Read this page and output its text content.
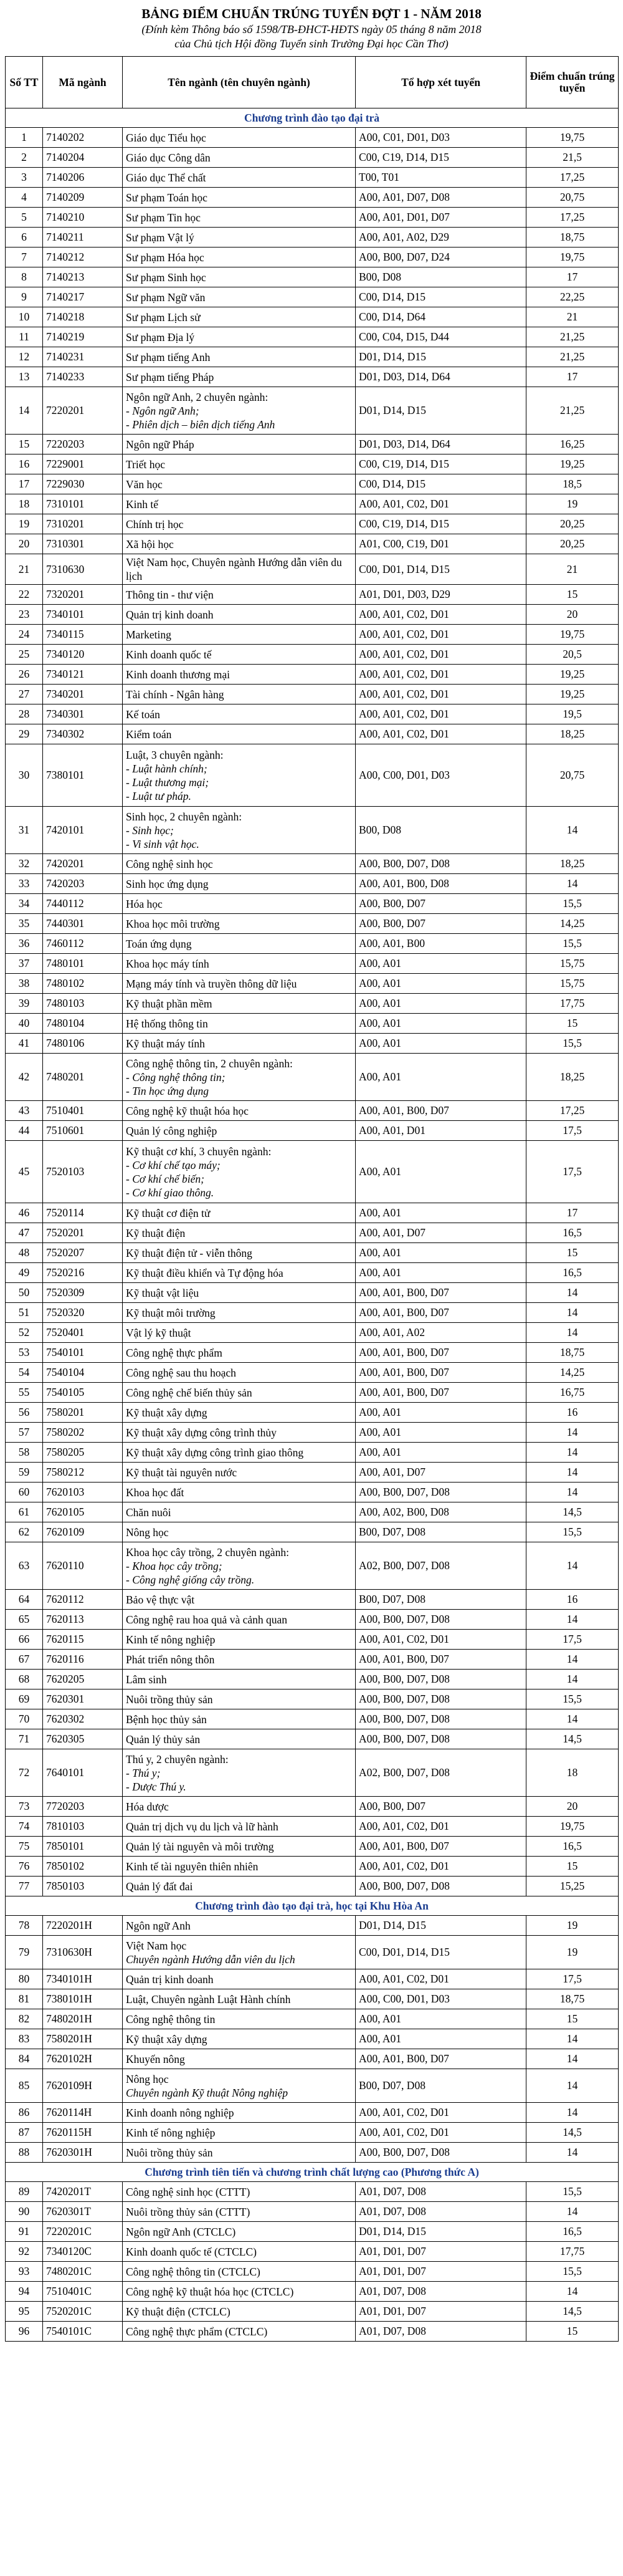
BẢNG ĐIỂM CHUẨN TRÚNG TUYỂN ĐỢT 1 - NĂM 2018

(Đính kèm Thông báo số 1598/TB-ĐHCT-HĐTS ngày 05 tháng 8 năm 2018

của Chủ tịch Hội đồng Tuyển sinh Trường Đại học Cần Thơ)

Số TT	Mã ngành	Tên ngành (tên chuyên ngành)	Tổ hợp xét tuyển	Điểm chuẩn trúng tuyển
Chương trình đào tạo đại trà				
1	7140202	Giáo dục Tiểu học	A00, C01, D01, D03	19,75
2	7140204	Giáo dục Công dân	C00, C19, D14, D15	21,5
3	7140206	Giáo dục Thể chất	T00, T01	17,25
4	7140209	Sư phạm Toán học	A00, A01, D07, D08	20,75
5	7140210	Sư phạm Tin học	A00, A01, D01, D07	17,25
6	7140211	Sư phạm Vật lý	A00, A01, A02, D29	18,75
7	7140212	Sư phạm Hóa học	A00, B00, D07, D24	19,75
8	7140213	Sư phạm Sinh học	B00, D08	17
9	7140217	Sư phạm Ngữ văn	C00, D14, D15	22,25
10	7140218	Sư phạm Lịch sử	C00, D14, D64	21
11	7140219	Sư phạm Địa lý	C00, C04, D15, D44	21,25
12	7140231	Sư phạm tiếng Anh	D01, D14, D15	21,25
13	7140233	Sư phạm tiếng Pháp	D01, D03, D14, D64	17
14	7220201	Ngôn ngữ Anh, 2 chuyên ngành:
- Ngôn ngữ Anh;
- Phiên dịch – biên dịch tiếng Anh	D01, D14, D15	21,25
15	7220203	Ngôn ngữ Pháp	D01, D03, D14, D64	16,25
16	7229001	Triết học	C00, C19, D14, D15	19,25
17	7229030	Văn học	C00, D14, D15	18,5
18	7310101	Kinh tế	A00, A01, C02, D01	19
19	7310201	Chính trị học	C00, C19, D14, D15	20,25
20	7310301	Xã hội học	A01, C00, C19, D01	20,25
21	7310630	Việt Nam học, Chuyên ngành Hướng dẫn viên du lịch	C00, D01, D14, D15	21
22	7320201	Thông tin - thư viện	A01, D01, D03, D29	15
23	7340101	Quản trị kinh doanh	A00, A01, C02, D01	20
24	7340115	Marketing	A00, A01, C02, D01	19,75
25	7340120	Kinh doanh quốc tế	A00, A01, C02, D01	20,5
26	7340121	Kinh doanh thương mại	A00, A01, C02, D01	19,25
27	7340201	Tài chính - Ngân hàng	A00, A01, C02, D01	19,25
28	7340301	Kế toán	A00, A01, C02, D01	19,5
29	7340302	Kiểm toán	A00, A01, C02, D01	18,25
30	7380101	Luật, 3 chuyên ngành:
- Luật hành chính;
- Luật thương mại;
- Luật tư pháp.	A00, C00, D01, D03	20,75
31	7420101	Sinh học, 2 chuyên ngành:
- Sinh học;
- Vi sinh vật học.	B00, D08	14
32	7420201	Công nghệ sinh học	A00, B00, D07, D08	18,25
33	7420203	Sinh học ứng dụng	A00, A01, B00, D08	14
34	7440112	Hóa học	A00, B00, D07	15,5
35	7440301	Khoa học môi trường	A00, B00, D07	14,25
36	7460112	Toán ứng dụng	A00, A01, B00	15,5
37	7480101	Khoa học máy tính	A00, A01	15,75
38	7480102	Mạng máy tính và truyền thông dữ liệu	A00, A01	15,75
39	7480103	Kỹ thuật phần mềm	A00, A01	17,75
40	7480104	Hệ thống thông tin	A00, A01	15
41	7480106	Kỹ thuật máy tính	A00, A01	15,5
42	7480201	Công nghệ thông tin, 2 chuyên ngành:
- Công nghệ thông tin;
- Tin học ứng dụng	A00, A01	18,25
43	7510401	Công nghệ kỹ thuật hóa học	A00, A01, B00, D07	17,25
44	7510601	Quản lý công nghiệp	A00, A01, D01	17,5
45	7520103	Kỹ thuật cơ khí, 3 chuyên ngành:
- Cơ khí chế tạo máy;
- Cơ khí chế biến;
- Cơ khí giao thông.	A00, A01	17,5
46	7520114	Kỹ thuật cơ điện tử	A00, A01	17
47	7520201	Kỹ thuật điện	A00, A01, D07	16,5
48	7520207	Kỹ thuật điện tử - viễn thông	A00, A01	15
49	7520216	Kỹ thuật điều khiển và Tự động hóa	A00, A01	16,5
50	7520309	Kỹ thuật vật liệu	A00, A01, B00, D07	14
51	7520320	Kỹ thuật môi trường	A00, A01, B00, D07	14
52	7520401	Vật lý kỹ thuật	A00, A01, A02	14
53	7540101	Công nghệ thực phẩm	A00, A01, B00, D07	18,75
54	7540104	Công nghệ sau thu hoạch	A00, A01, B00, D07	14,25
55	7540105	Công nghệ chế biến thủy sản	A00, A01, B00, D07	16,75
56	7580201	Kỹ thuật xây dựng	A00, A01	16
57	7580202	Kỹ thuật xây dựng công trình thủy	A00, A01	14
58	7580205	Kỹ thuật xây dựng công trình giao thông	A00, A01	14
59	7580212	Kỹ thuật tài nguyên nước	A00, A01, D07	14
60	7620103	Khoa học đất	A00, B00, D07, D08	14
61	7620105	Chăn nuôi	A00, A02, B00, D08	14,5
62	7620109	Nông học	B00, D07, D08	15,5
63	7620110	Khoa học cây trồng, 2 chuyên ngành:
- Khoa học cây trồng;
- Công nghệ giống cây trồng.	A02, B00, D07, D08	14
64	7620112	Bảo vệ thực vật	B00, D07, D08	16
65	7620113	Công nghệ rau hoa quả và cảnh quan	A00, B00, D07, D08	14
66	7620115	Kinh tế nông nghiệp	A00, A01, C02, D01	17,5
67	7620116	Phát triển nông thôn	A00, A01, B00, D07	14
68	7620205	Lâm sinh	A00, B00, D07, D08	14
69	7620301	Nuôi trồng thủy sản	A00, B00, D07, D08	15,5
70	7620302	Bệnh học thủy sản	A00, B00, D07, D08	14
71	7620305	Quản lý thủy sản	A00, B00, D07, D08	14,5
72	7640101	Thú y, 2 chuyên ngành:
- Thú y;
- Dược Thú y.	A02, B00, D07, D08	18
73	7720203	Hóa dược	A00, B00, D07	20
74	7810103	Quản trị dịch vụ du lịch và lữ hành	A00, A01, C02, D01	19,75
75	7850101	Quản lý tài nguyên và môi trường	A00, A01, B00, D07	16,5
76	7850102	Kinh tế tài nguyên thiên nhiên	A00, A01, C02, D01	15
77	7850103	Quản lý đất đai	A00, B00, D07, D08	15,25
Chương trình đào tạo đại trà, học tại Khu Hòa An				
78	7220201H	Ngôn ngữ Anh	D01, D14, D15	19
79	7310630H	Việt Nam học
Chuyên ngành Hướng dẫn viên du lịch	C00, D01, D14, D15	19
80	7340101H	Quản trị kinh doanh	A00, A01, C02, D01	17,5
81	7380101H	Luật, Chuyên ngành Luật Hành chính	A00, C00, D01, D03	18,75
82	7480201H	Công nghệ thông tin	A00, A01	15
83	7580201H	Kỹ thuật xây dựng	A00, A01	14
84	7620102H	Khuyến nông	A00, A01, B00, D07	14
85	7620109H	Nông học
Chuyên ngành Kỹ thuật Nông nghiệp	B00, D07, D08	14
86	7620114H	Kinh doanh nông nghiệp	A00, A01, C02, D01	14
87	7620115H	Kinh tế nông nghiệp	A00, A01, C02, D01	14,5
88	7620301H	Nuôi trồng thủy sản	A00, B00, D07, D08	14
Chương trình tiên tiến và chương trình chất lượng cao (Phương thức A)				
89	7420201T	Công nghệ sinh học (CTTT)	A01, D07, D08	15,5
90	7620301T	Nuôi trồng thủy sản (CTTT)	A01, D07, D08	14
91	7220201C	Ngôn ngữ Anh (CTCLC)	D01, D14, D15	16,5
92	7340120C	Kinh doanh quốc tế (CTCLC)	A01, D01, D07	17,75
93	7480201C	Công nghệ thông tin (CTCLC)	A01, D01, D07	15,5
94	7510401C	Công nghệ kỹ thuật hóa học (CTCLC)	A01, D07, D08	14
95	7520201C	Kỹ thuật điện (CTCLC)	A01, D01, D07	14,5
96	7540101C	Công nghệ thực phẩm (CTCLC)	A01, D07, D08	15
